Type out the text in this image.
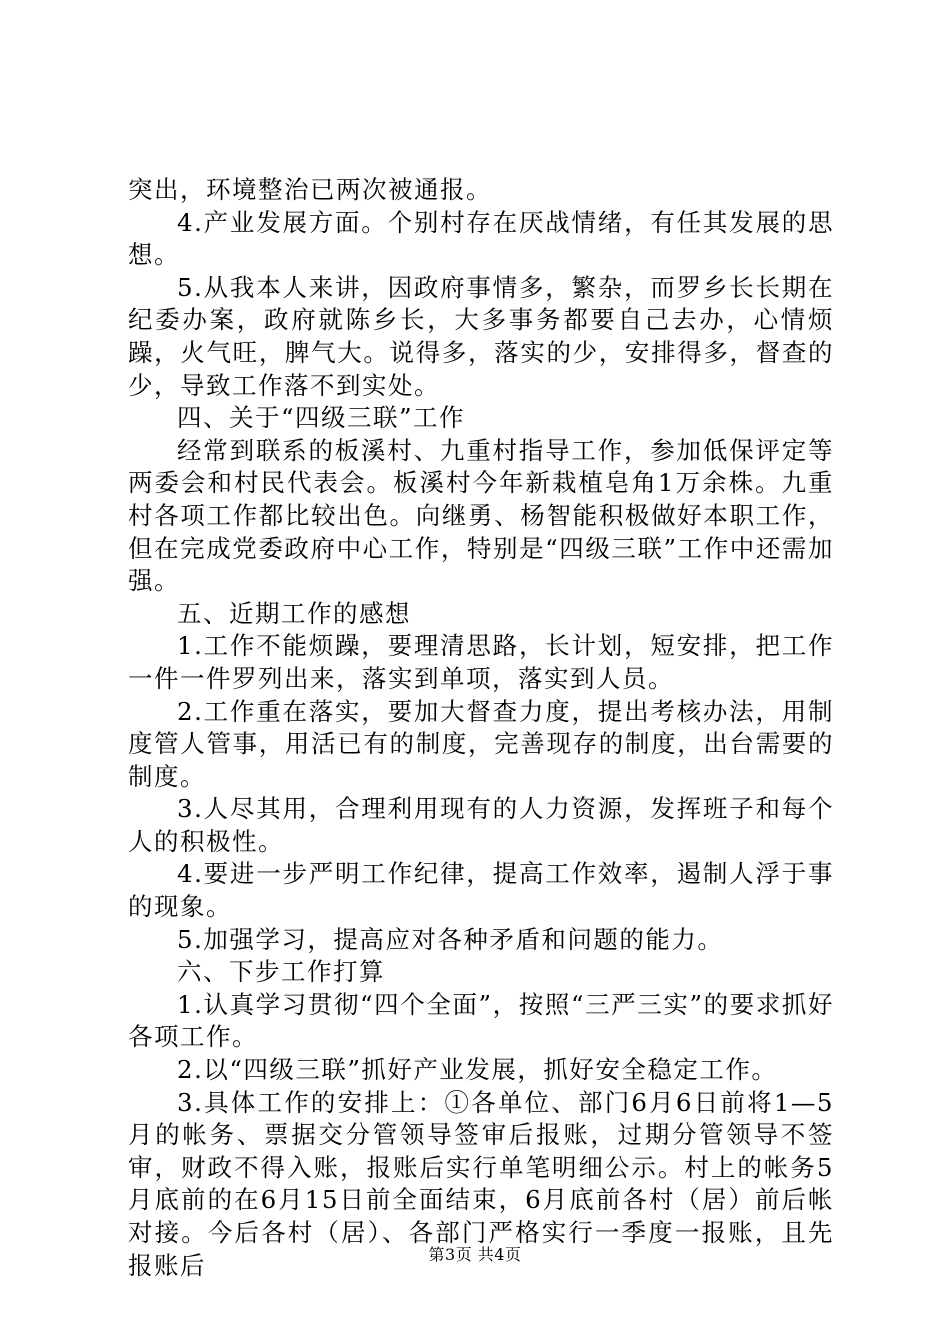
突出，环境整治已两次被通报。

4.产业发展方面。个别村存在厌战情绪，有任其发展的思想。

5.从我本人来讲，因政府事情多，繁杂，而罗乡长长期在纪委办案，政府就陈乡长，大多事务都要自己去办，心情烦躁，火气旺，脾气大。说得多，落实的少，安排得多，督查的少，导致工作落不到实处。

四、关于“四级三联”工作

经常到联系的板溪村、九重村指导工作，参加低保评定等两委会和村民代表会。板溪村今年新栽植皂角1万余株。九重村各项工作都比较出色。向继勇、杨智能积极做好本职工作，但在完成党委政府中心工作，特别是“四级三联”工作中还需加强。

五、近期工作的感想

1.工作不能烦躁，要理清思路，长计划，短安排，把工作一件一件罗列出来，落实到单项，落实到人员。

2.工作重在落实，要加大督查力度，提出考核办法，用制度管人管事，用活已有的制度，完善现存的制度，出台需要的制度。

3.人尽其用，合理利用现有的人力资源，发挥班子和每个人的积极性。

4.要进一步严明工作纪律，提高工作效率，遏制人浮于事的现象。

5.加强学习，提高应对各种矛盾和问题的能力。

六、下步工作打算

1.认真学习贯彻“四个全面”，按照“三严三实”的要求抓好各项工作。

2.以“四级三联”抓好产业发展，抓好安全稳定工作。

3.具体工作的安排上：①各单位、部门6月6日前将1—5月的帐务、票据交分管领导签审后报账，过期分管领导不签审，财政不得入账，报账后实行单笔明细公示。村上的帐务5月底前的在6月15日前全面结束，6月底前各村（居）前后帐对接。今后各村（居）、各部门严格实行一季度一报账，且先报账后	第3页 共4页
